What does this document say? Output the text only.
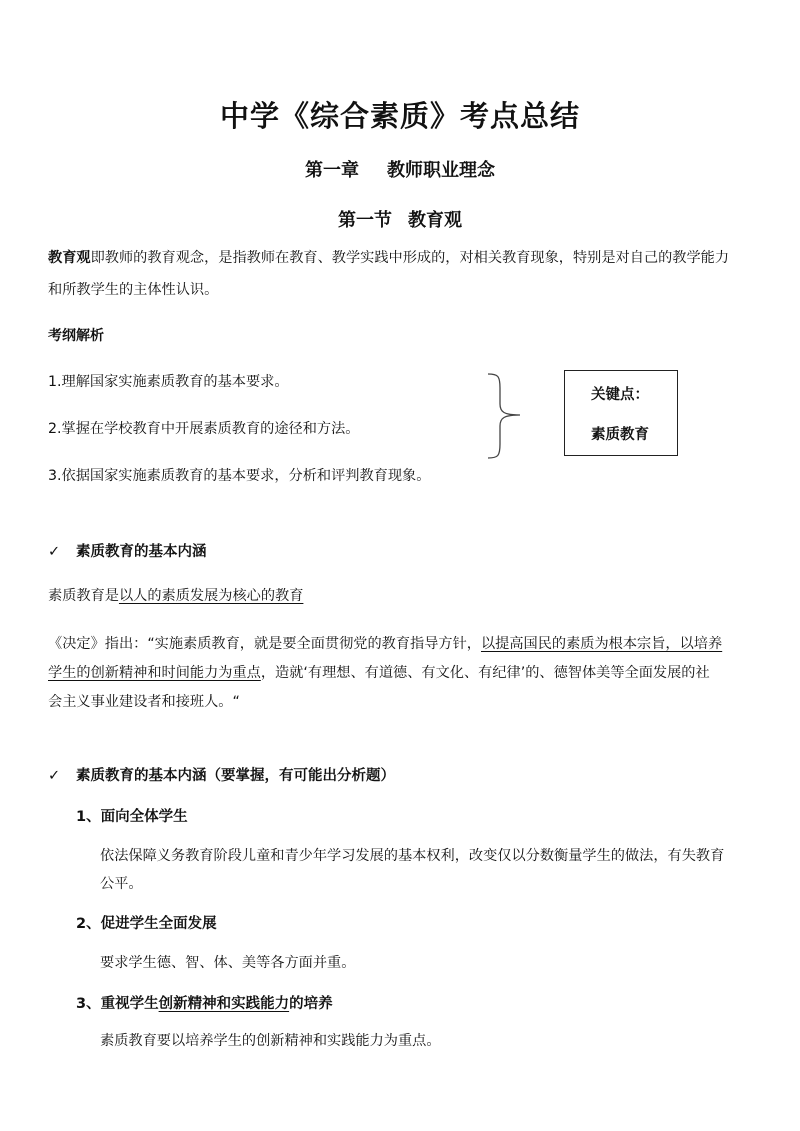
中学《综合素质》考点总结
第一章 教师职业理念
第一节 教育观
教育观即教师的教育观念，是指教师在教育、教学实践中形成的，对相关教育现象，特别是对自己的教学能力
和所教学生的主体性认识。
考纲解析
1.理解国家实施素质教育的基本要求。
2.掌握在学校教育中开展素质教育的途径和方法。
3.依据国家实施素质教育的基本要求，分析和评判教育现象。
关键点：
素质教育
✓ 素质教育的基本内涵
素质教育是以人的素质发展为核心的教育
《决定》指出：“实施素质教育，就是要全面贯彻党的教育指导方针，以提高国民的素质为根本宗旨，以培养
学生的创新精神和时间能力为重点，造就‘有理想、有道德、有文化、有纪律’的、德智体美等全面发展的社
会主义事业建设者和接班人。“
✓ 素质教育的基本内涵（要掌握，有可能出分析题）
1、面向全体学生
依法保障义务教育阶段儿童和青少年学习发展的基本权利，改变仅以分数衡量学生的做法，有失教育
公平。
2、促进学生全面发展
要求学生德、智、体、美等各方面并重。
3、重视学生创新精神和实践能力的培养
素质教育要以培养学生的创新精神和实践能力为重点。
